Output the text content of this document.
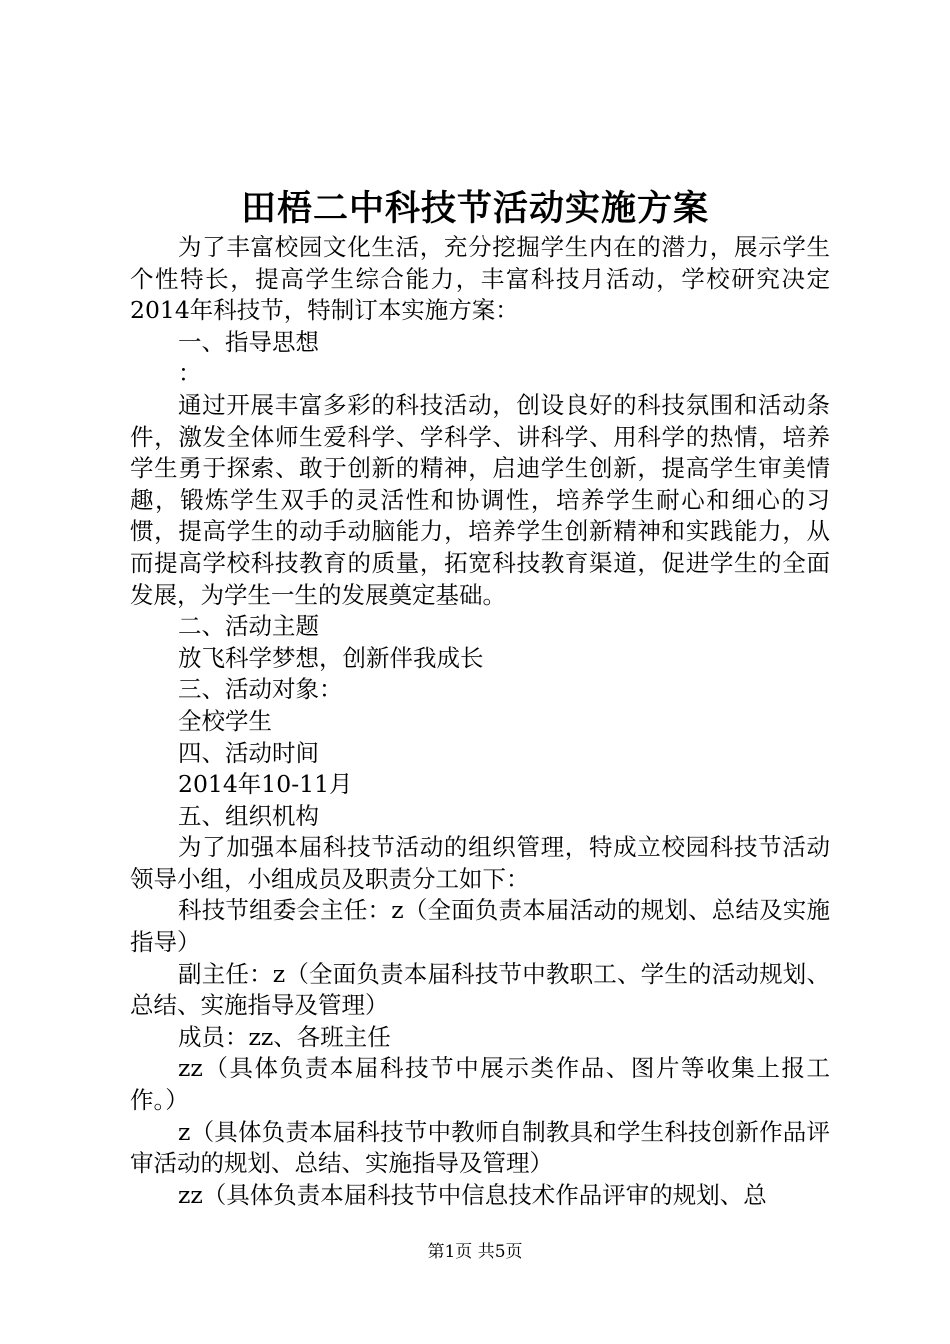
田梧二中科技节活动实施方案

为了丰富校园文化生活，充分挖掘学生内在的潜力，展示学生个性特长，提高学生综合能力，丰富科技月活动，学校研究决定2014年科技节，特制订本实施方案：

一、指导思想

：

通过开展丰富多彩的科技活动，创设良好的科技氛围和活动条件，激发全体师生爱科学、学科学、讲科学、用科学的热情，培养学生勇于探索、敢于创新的精神，启迪学生创新，提高学生审美情趣，锻炼学生双手的灵活性和协调性，培养学生耐心和细心的习惯，提高学生的动手动脑能力，培养学生创新精神和实践能力，从而提高学校科技教育的质量，拓宽科技教育渠道，促进学生的全面发展，为学生一生的发展奠定基础。

二、活动主题

放飞科学梦想，创新伴我成长

三、活动对象：

全校学生

四、活动时间

2014年10-11月

五、组织机构

为了加强本届科技节活动的组织管理，特成立校园科技节活动领导小组，小组成员及职责分工如下：

科技节组委会主任：z（全面负责本届活动的规划、总结及实施指导）

副主任：z（全面负责本届科技节中教职工、学生的活动规划、总结、实施指导及管理）

成员：zz、各班主任

zz（具体负责本届科技节中展示类作品、图片等收集上报工作。）

z（具体负责本届科技节中教师自制教具和学生科技创新作品评审活动的规划、总结、实施指导及管理）

zz（具体负责本届科技节中信息技术作品评审的规划、总

第1页 共5页
